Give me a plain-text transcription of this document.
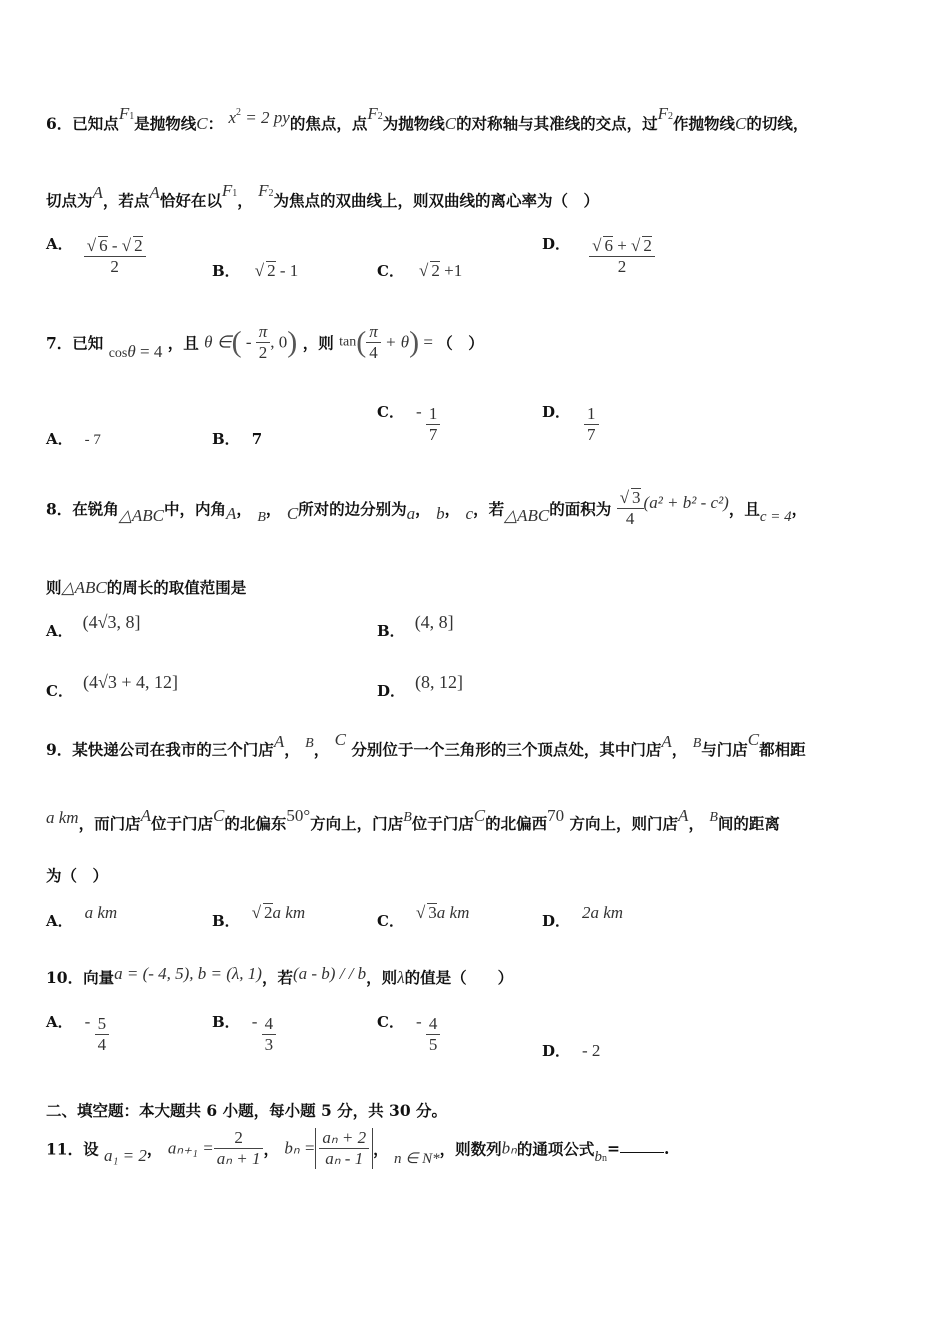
6．已知点F1是抛物线C： $x^2 = 2$ py的焦点，点F2为抛物线C的对称轴与其准线的交点，过F2作抛物线C的切线，
切点为A，若点A恰好在以F1， F2为焦点的双曲线上，则双曲线的离心率为（　）
A． $\frac{√ 6 - √ 2}{2}$	B． √ 2 - 1	C． √ 2 +1
D． $\frac{√ 6 + √ 2}{2}$
7．已知 cosθ = 4 ，且 θ ∈( - $\frac{\pi}{2}$ , 0) ，则 $\tan( \frac{\pi}{4} + \theta)$ = （　）
A． - 7	B． 7
C． - $\frac{1}{7}$	D． $\frac{1}{7}$
8．在锐角△ABC中，内角A， B， C所对的边分别为a， b， c，若△ABC的面积为 $\frac{√ 3}{4} (a^2 + b^2 - c^2)$，且c = 4，
则△ABC的周长的取值范围是
A． (4√3, 8]	B． (4, 8]
C． (4√3 + 4, 12]	D． (8, 12]
9．某快递公司在我市的三个门店A， B， C 分别位于一个三角形的三个顶点处，其中门店A， B与门店C都相距
a km，而门店A位于门店C的北偏东50°方向上，门店B位于门店C的北偏西70 方向上，则门店A， B间的距离
为（　）
A． a km	B． √ 2a km	C． √ 3a km	D． 2a km
10．向量a = (- 4, 5), b = (λ, 1)，若(a - b) / / b，则λ的值是（　　）
A． - $\frac{5}{4}$	B． - $\frac{4}{3}$	C． - $\frac{4}{5}$	D． - 2
二、填空题：本大题共 6 小题，每小题 5 分，共 30 分。
11．设 a₁ = 2， $a_{n+1} = \frac{2}{\text{aₙ + 1}}$ ， $b_n = \frac{\text{aₙ + 2}}{\text{aₙ - 1}}$ ， n ∈ N*，则数列bₙ的通项公式bn=	.
